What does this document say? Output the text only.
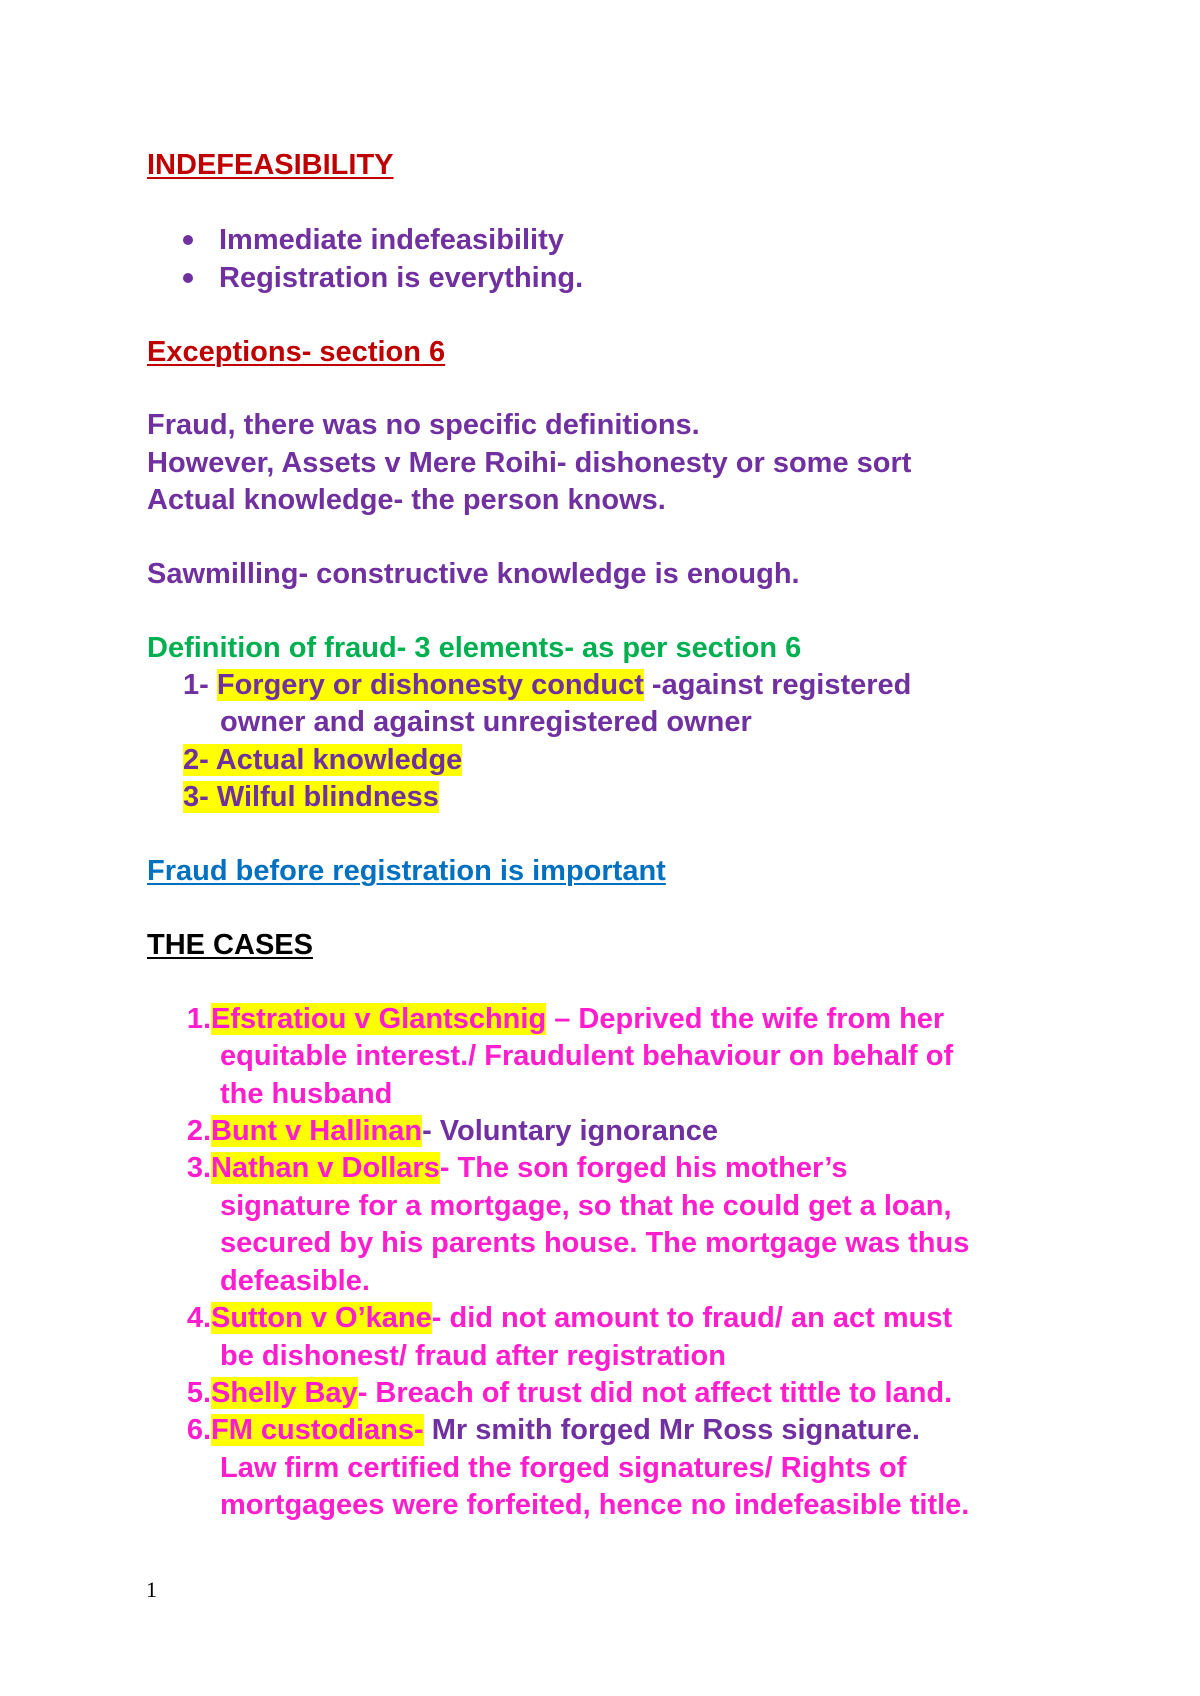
INDEFEASIBILITY
Immediate indefeasibility
Registration is everything.
Exceptions- section 6
Fraud, there was no specific definitions.
However, Assets v Mere Roihi- dishonesty or some sort
Actual knowledge- the person knows.
Sawmilling- constructive knowledge is enough.
Definition of fraud- 3 elements- as per section 6
1- Forgery or dishonesty conduct -against registered
owner and against unregistered owner
2- Actual knowledge
3- Wilful blindness
Fraud before registration is important
THE CASES
1. Efstratiou v Glantschnig – Deprived the wife from her
equitable interest./ Fraudulent behaviour on behalf of
the husband
2. Bunt v Hallinan- Voluntary ignorance
3. Nathan v Dollars- The son forged his mother’s
signature for a mortgage, so that he could get a loan,
secured by his parents house. The mortgage was thus
defeasible.
4. Sutton v O’kane- did not amount to fraud/ an act must
be dishonest/ fraud after registration
5. Shelly Bay- Breach of trust did not affect tittle to land.
6. FM custodians- Mr smith forged Mr Ross signature.
Law firm certified the forged signatures/ Rights of
mortgagees were forfeited, hence no indefeasible title.
1
